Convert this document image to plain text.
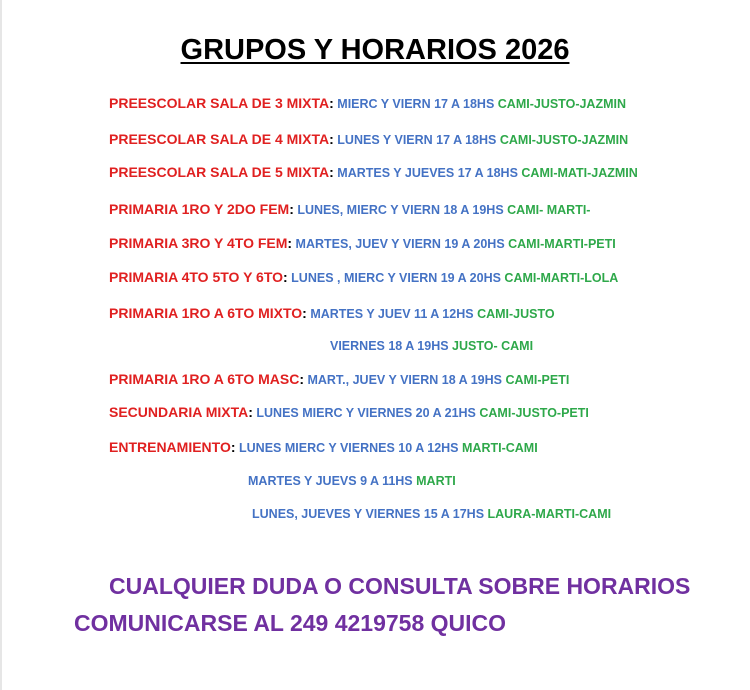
GRUPOS Y HORARIOS 2026
PREESCOLAR SALA DE 3 MIXTA: MIERC Y VIERN 17 A 18HS CAMI-JUSTO-JAZMIN
PREESCOLAR SALA DE 4 MIXTA: LUNES Y VIERN 17 A 18HS CAMI-JUSTO-JAZMIN
PREESCOLAR SALA DE 5 MIXTA: MARTES Y JUEVES 17 A 18HS CAMI-MATI-JAZMIN
PRIMARIA 1RO Y 2DO FEM: LUNES, MIERC Y VIERN 18 A 19HS CAMI- MARTI-
PRIMARIA 3RO Y 4TO FEM: MARTES, JUEV Y VIERN 19 A 20HS CAMI-MARTI-PETI
PRIMARIA 4TO 5TO Y 6TO: LUNES , MIERC Y VIERN 19 A 20HS CAMI-MARTI-LOLA
PRIMARIA 1RO A 6TO MIXTO: MARTES Y JUEV 11 A 12HS CAMI-JUSTO
VIERNES 18 A 19HS JUSTO- CAMI
PRIMARIA 1RO A 6TO MASC: MART., JUEV Y VIERN 18 A 19HS CAMI-PETI
SECUNDARIA MIXTA: LUNES MIERC Y VIERNES 20 A 21HS CAMI-JUSTO-PETI
ENTRENAMIENTO: LUNES MIERC Y VIERNES 10 A 12HS MARTI-CAMI
MARTES Y JUEVS 9 A 11HS MARTI
LUNES, JUEVES Y VIERNES 15 A 17HS LAURA-MARTI-CAMI
CUALQUIER DUDA O CONSULTA SOBRE HORARIOS
COMUNICARSE AL 249 4219758 QUICO
